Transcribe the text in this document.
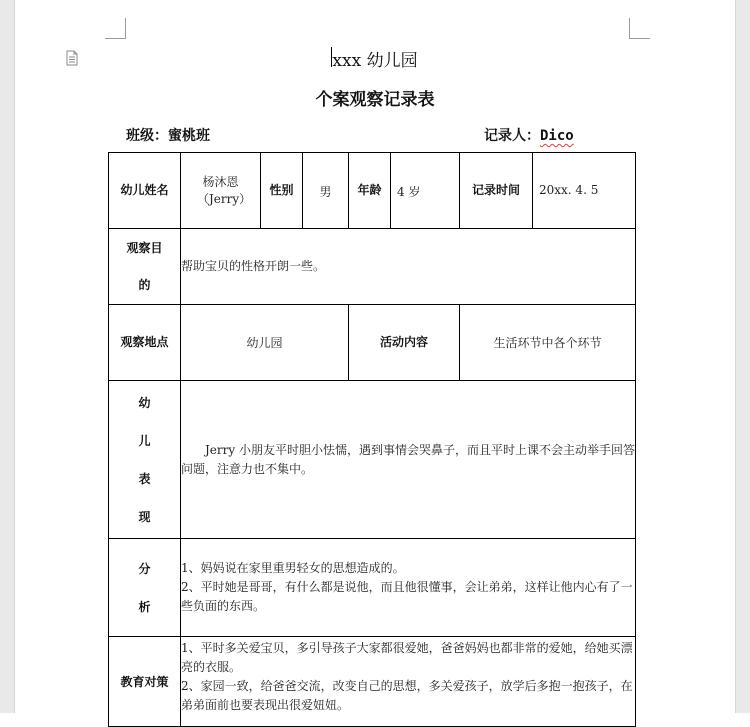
xxx 幼儿园
个案观察记录表
班级：蜜桃班	记录人：Dico
幼儿姓名	杨沐恩（Jerry）	性别	男	年龄	4 岁	记录时间	20xx. 4. 5
观察目的	帮助宝贝的性格开朗一些。						
观察地点	幼儿园			活动内容		生活环节中各个环节	
幼儿表现	Jerry 小朋友平时胆小怯懦，遇到事情会哭鼻子，而且平时上课不会主动举手回答问题，注意力也不集中。						
分析	1、妈妈说在家里重男轻女的思想造成的。
2、平时她是哥哥，有什么都是说他，而且他很懂事，会让弟弟，这样让他内心有了一些负面的东西。						

教育对策	1、平时多关爱宝贝，多引导孩子大家都很爱她，爸爸妈妈也都非常的爱她，给她买漂亮的衣服。
2、家园一致，给爸爸交流，改变自己的思想，多关爱孩子，放学后多抱一抱孩子，在弟弟面前也要表现出很爱妞妞。						
